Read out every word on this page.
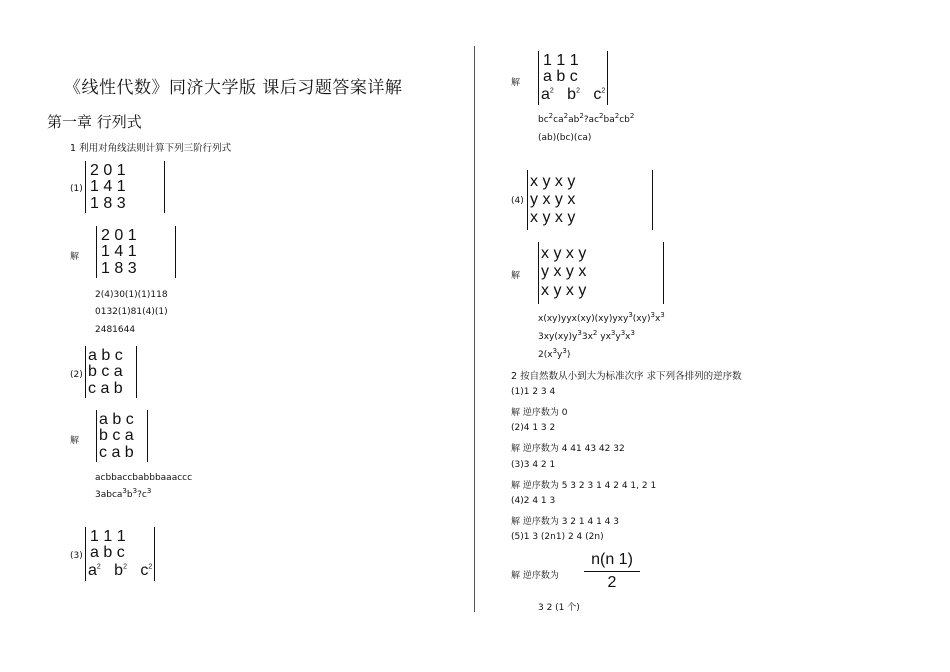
《线性代数》同济大学版 课后习题答案详解
第一章 行列式
1 利用对角线法则计算下列三阶行列式
(1)
2 0 1
1 4 1
1 8 3
解
2 0 1
1 4 1
1 8 3
2(4)30(1)(1)118
0132(1)81(4)(1)
2481644
(2)
a b c
b c a
c a b
解
a b c
b c a
c a b
acbbaccbabbbaaaccc
$3abca^3b^3?c^3$
(3)
1 1 1
a b c
$a^2$ $b^2$ $c^2$
解
1 1 1
a b c
$a^2$ $b^2$ $c^2$
$bc^2ca^2ab^2?ac^2ba^2cb^2$
(ab)(bc)(ca)
(4)
x y x y
y x y x
x y x y
解
x y x y
y x y x
x y x y
$x(xy)yyx(xy)(xy)yxy^3(xy)^3x^3$
$3xy(xy)y^33x^2$ $yx^3y^3x^3$
$2(x^3y^3)$
2 按自然数从小到大为标准次序 求下列各排列的逆序数
(1)1 2 3 4
解 逆序数为 0
(2)4 1 3 2
解 逆序数为 4 41 43 42 32
(3)3 4 2 1
解 逆序数为 5 3 2 3 1 4 2 4 1, 2 1
(4)2 4 1 3
解 逆序数为 3 2 1 4 1 4 3
(5)1 3 (2n1) 2 4 (2n)
解 逆序数为
n(n 1)
2
3 2 (1 个)
